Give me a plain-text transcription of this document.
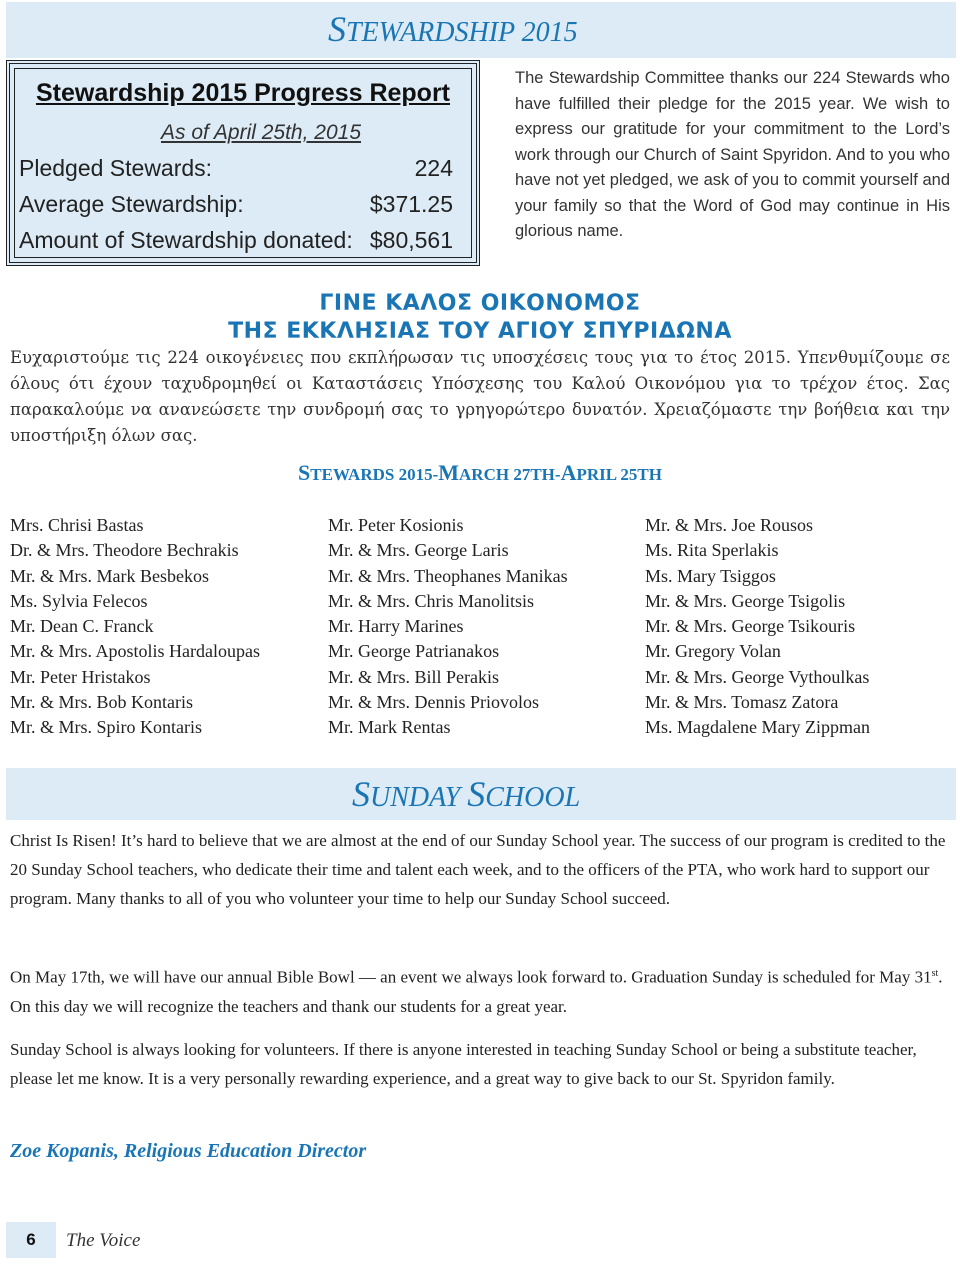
STEWARDSHIP 2015
Stewardship 2015 Progress Report
As of April 25th, 2015
Pledged Stewards:	224
Average Stewardship:	$371.25
Amount of Stewardship donated: $80,561
The Stewardship Committee thanks our 224 Stewards who have fulfilled their pledge for the 2015 year. We wish to express our gratitude for your commitment to the Lord’s work through our Church of Saint Spyridon. And to you who have not yet pledged, we ask of you to commit yourself and your family so that the Word of God may continue in His glorious name.
ΓΙΝΕ ΚΑΛΟΣ ΟΙΚΟΝΟΜΟΣ
ΤΗΣ ΕΚΚΛΗΣΙΑΣ ΤΟΥ ΑΓΙΟΥ ΣΠΥΡΙΔΩΝΑ
Ευχαριστούμε τις 224 οικογένειες που εκπλήρωσαν τις υποσχέσεις τους για το έτος 2015. Υπενθυμίζουμε σε όλους ότι έχουν ταχυδρομηθεί οι Καταστάσεις Υπόσχεσης του Καλού Οικονόμου για το τρέχον έτος. Σας παρακαλούμε να ανανεώσετε την συνδρομή σας το γρηγορώτερο δυνατόν. Χρειαζόμαστε την βοήθεια και την υποστήριξη όλων σας.
STEWARDS 2015-MARCH 27TH-APRIL 25TH
Mrs. Chrisi Bastas
Dr. & Mrs. Theodore Bechrakis
Mr. & Mrs. Mark Besbekos
Ms. Sylvia Felecos
Mr. Dean C. Franck
Mr. & Mrs. Apostolis Hardaloupas
Mr. Peter Hristakos
Mr. & Mrs. Bob Kontaris
Mr. & Mrs. Spiro Kontaris
Mr. Peter Kosionis
Mr. & Mrs. George Laris
Mr. & Mrs. Theophanes Manikas
Mr. & Mrs. Chris Manolitsis
Mr. Harry Marines
Mr. George Patrianakos
Mr. & Mrs. Bill Perakis
Mr. & Mrs. Dennis Priovolos
Mr. Mark Rentas
Mr. & Mrs. Joe Rousos
Ms. Rita Sperlakis
Ms. Mary Tsiggos
Mr. & Mrs. George Tsigolis
Mr. & Mrs. George Tsikouris
Mr. Gregory Volan
Mr. & Mrs. George Vythoulkas
Mr. & Mrs. Tomasz Zatora
Ms. Magdalene Mary Zippman
SUNDAY SCHOOL

Christ Is Risen! It’s hard to believe that we are almost at the end of our Sunday School year. The success of our program is credited to the 20 Sunday School teachers, who dedicate their time and talent each week, and to the officers of the PTA, who work hard to support our program. Many thanks to all of you who volunteer your time to help our Sunday School succeed.

On May 17th, we will have our annual Bible Bowl — an event we always look forward to. Graduation Sunday is scheduled for May 31st. On this day we will recognize the teachers and thank our students for a great year.

Sunday School is always looking for volunteers. If there is anyone interested in teaching Sunday School or being a substitute teacher, please let me know. It is a very personally rewarding experience, and a great way to give back to our St. Spyridon family.

Zoe Kopanis, Religious Education Director
6	The Voice
